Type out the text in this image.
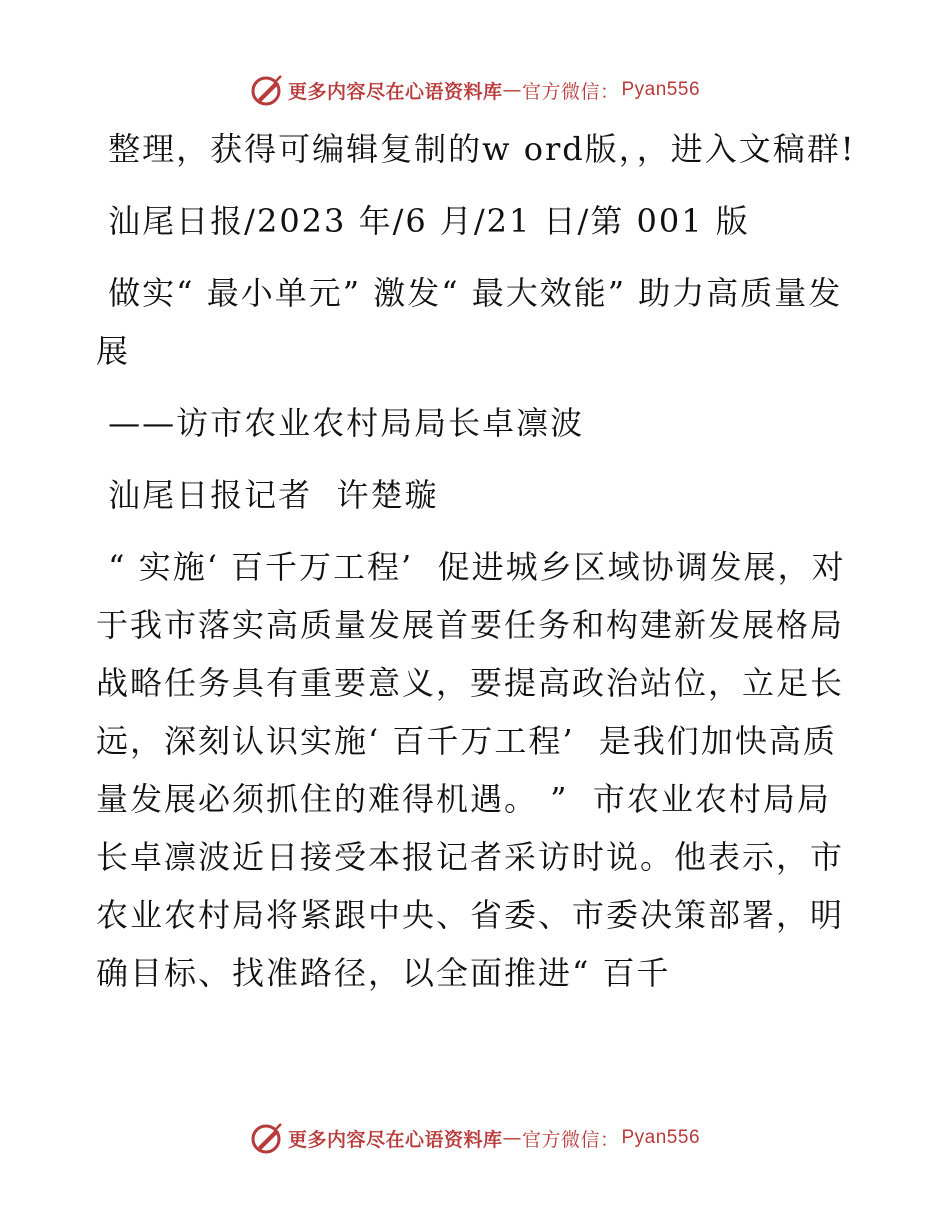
更多内容尽在心语资料库 — 官方微信： Pyan556

整理，获得可编辑复制的w ord版，，进入文稿群!

汕尾日报/2023 年/6 月/21 日/第 001 版

做实“ 最小单元” 激发“ 最大效能” 助力高质量发展

——访市农业农村局局长卓凛波

汕尾日报记者  许楚璇

“ 实施‘ 百千万工程’  促进城乡区域协调发展，对于我市落实高质量发展首要任务和构建新发展格局战略任务具有重要意义，要提高政治站位，立足长远，深刻认识实施‘ 百千万工程’  是我们加快高质量发展必须抓住的难得机遇。 ”  市农业农村局局长卓凛波近日接受本报记者采访时说。他表示，市农业农村局将紧跟中央、省委、市委决策部署，明确目标、找准路径，以全面推进“ 百千

更多内容尽在心语资料库 — 官方微信： Pyan556
